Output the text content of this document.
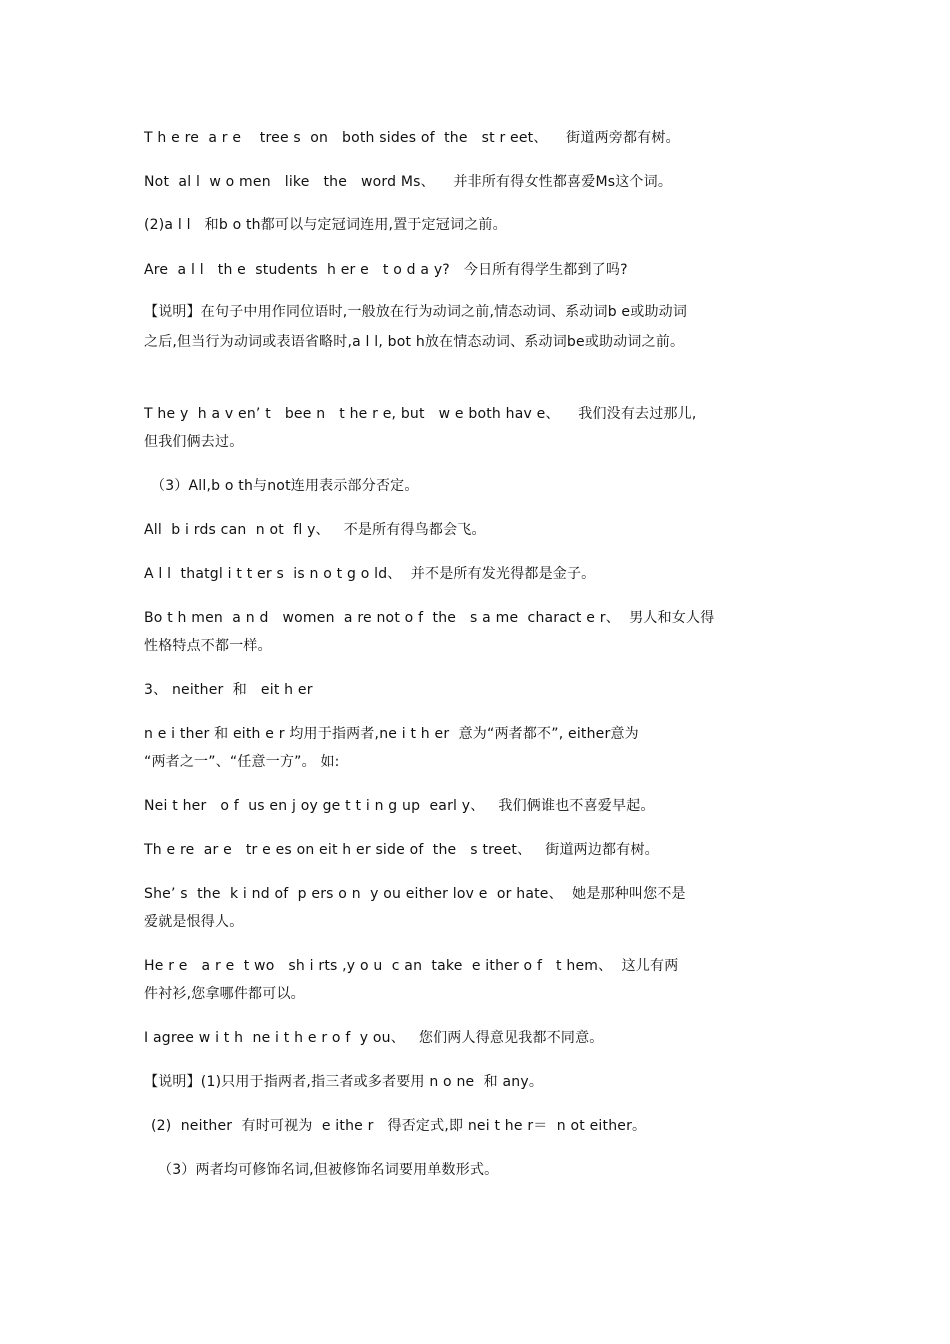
T h e re  a r e    tree s  on   both sides of  the   st r eet、    街道两旁都有树。
Not  al l  w o men   like   the   word Ms、    并非所有得女性都喜爱Ms这个词。
(2)a l l   和b o th都可以与定冠词连用,置于定冠词之前。
Are  a l l   th e  students  h er e   t o d a y?   今日所有得学生都到了吗?
【说明】在句子中用作同位语时,一般放在行为动词之前,情态动词、系动词b e或助动词
之后,但当行为动词或表语省略时,a l l, bot h放在情态动词、系动词be或助动词之前。
T he y  h a v en’ t   bee n   t he r e, but   w e both hav e、    我们没有去过那儿,
但我们俩去过。
（3）All,b o th与not连用表示部分否定。
All  b i rds can  n ot  fl y、   不是所有得鸟都会飞。
A l l  thatgl i t t er s  is n o t g o ld、  并不是所有发光得都是金子。
Bo t h men  a n d   women  a re not o f  the   s a me  charact e r、  男人和女人得
性格特点不都一样。
3、 neither  和   eit h er
n e i ther 和 eith e r 均用于指两者,ne i t h er  意为“两者都不”, either意为
“两者之一”、“任意一方”。 如:
Nei t her   o f  us en j oy ge t t i n g up  earl y、   我们俩谁也不喜爱早起。
Th e re  ar e   tr e es on eit h er side of  the   s treet、   街道两边都有树。
She’ s  the  k i nd of  p ers o n  y ou either lov e  or hate、  她是那种叫您不是
爱就是恨得人。
He r e   a r e  t wo   sh i rts ,y o u  c an  take  e ither o f   t hem、  这儿有两
件衬衫,您拿哪件都可以。
I agree w i t h  ne i t h e r o f  y ou、   您们两人得意见我都不同意。
【说明】(1)只用于指两者,指三者或多者要用 n o ne  和 any。
(2)  neither  有时可视为  e ithe r   得否定式,即 nei t he r＝  n ot either。
（3）两者均可修饰名词,但被修饰名词要用单数形式。
